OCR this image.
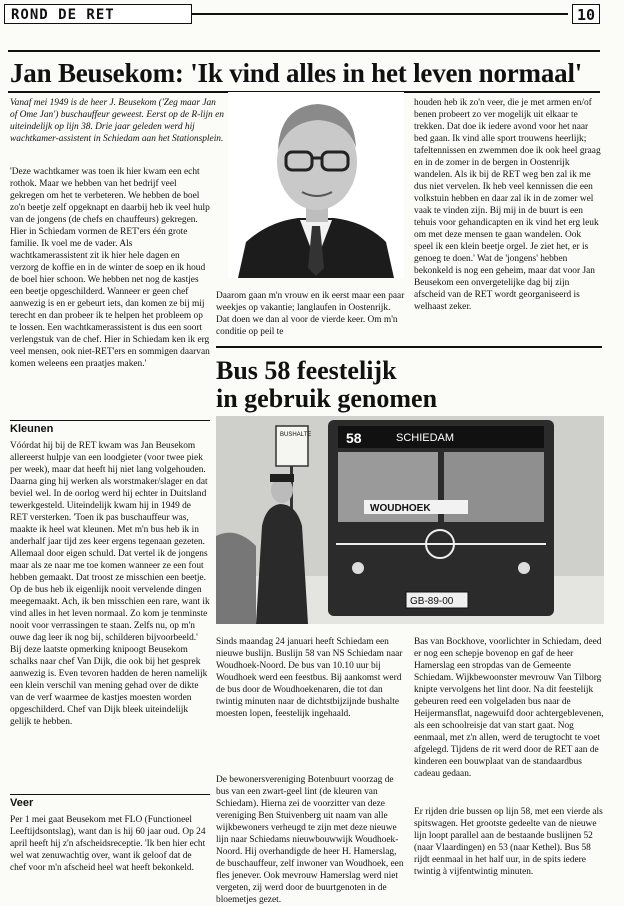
ROND DE RET	10
Jan Beusekom: 'Ik vind alles in het leven normaal'
Vanaf mei 1949 is de heer J. Beusekom ('Zeg maar Jan of Ome Jan') buschauffeur geweest. Eerst op de R-lijn en uiteindelijk op lijn 38. Drie jaar geleden werd hij wachtkamer-assistent in Schiedam aan het Stationsplein.
'Deze wachtkamer was toen ik hier kwam een echt rothok. Maar we hebben van het bedrijf veel gekregen om het te verbeteren. We hebben de boel zo'n beetje zelf opgeknapt en daarbij heb ik veel hulp van de jongens (de chefs en chauffeurs) gekregen. Hier in Schiedam vormen de RET'ers één grote familie. Ik voel me de vader. Als wachtkamerassistent zit ik hier hele dagen en verzorg de koffie en in de winter de soep en ik houd de boel hier schoon. We hebben net nog de kastjes een beetje opgeschilderd. Wanneer er geen chef aanwezig is en er gebeurt iets, dan komen ze bij mij terecht en dan probeer ik te helpen het probleem op te lossen. Een wachtkamerassistent is dus een soort verlengstuk van de chef. Hier in Schiedam ken ik erg veel mensen, ook niet-RET'ers en sommigen daarvan komen weleens een praatjes maken.'
Kleunen
Vóórdat hij bij de RET kwam was Jan Beusekom allereerst hulpje van een loodgieter (voor twee piek per week), maar dat heeft hij niet lang volgehouden. Daarna ging hij werken als worstmaker/slager en dat beviel wel. In de oorlog werd hij echter in Duitsland tewerkgesteld. Uiteindelijk kwam hij in 1949 de RET versterken. 'Toen ik pas buschauffeur was, maakte ik heel wat kleunen. Met m'n bus heb ik in anderhalf jaar tijd zes keer ergens tegenaan gezeten. Allemaal door eigen schuld. Dat vertel ik de jongens maar als ze naar me toe komen wanneer ze een fout hebben gemaakt. Dat troost ze misschien een beetje. Op de bus heb ik eigenlijk nooit vervelende dingen meegemaakt. Ach, ik ben misschien een rare, want ik vind alles in het leven normaal. Zo kom je tenminste nooit voor verrassingen te staan. Zelfs nu, op m'n ouwe dag leer ik nog bij, schilderen bijvoorbeeld.' Bij deze laatste opmerking knipoogt Beusekom schalks naar chef Van Dijk, die ook bij het gesprek aanwezig is. Even tevoren hadden de heren namelijk een klein verschil van mening gehad over de dikte van de verf waarmee de kastjes moesten worden opgeschilderd. Chef van Dijk bleek uiteindelijk gelijk te hebben.
Veer
Per 1 mei gaat Beusekom met FLO (Functioneel Leeftijdsontslag), want dan is hij 60 jaar oud. Op 24 april heeft hij z'n afscheidsreceptie. 'Ik ben hier echt wel wat zenuwachtig over, want ik geloof dat de chef voor m'n afscheid heel wat heeft bekonkeld.
Daarom gaan m'n vrouw en ik eerst maar een paar weekjes op vakantie; langlaufen in Oostenrijk. Dat doen we dan al voor de vierde keer. Om m'n conditie op peil te
houden heb ik zo'n veer, die je met armen en/of benen probeert zo ver mogelijk uit elkaar te trekken. Dat doe ik iedere avond voor het naar bed gaan. Ik vind alle sport trouwens heerlijk; tafeltennissen en zwemmen doe ik ook heel graag en in de zomer in de bergen in Oostenrijk wandelen. Als ik bij de RET weg ben zal ik me dus niet vervelen. Ik heb veel kennissen die een volkstuin hebben en daar zal ik in de zomer wel vaak te vinden zijn. Bij mij in de buurt is een tehuis voor gehandicapten en ik vind het erg leuk om met deze mensen te gaan wandelen. Ook speel ik een klein beetje orgel. Je ziet het, er is genoeg te doen.' Wat de 'jongens' hebben bekonkeld is nog een geheim, maar dat voor Jan Beusekom een onvergetelijke dag bij zijn afscheid van de RET wordt georganiseerd is welhaast zeker.
Bus 58 feestelijk
in gebruik genomen
BUSHALTE 58	SCHIEDAM
WOUDHOEK
GB-89-00
Sinds maandag 24 januari heeft Schiedam een nieuwe buslijn. Buslijn 58 van NS Schiedam naar Woudhoek-Noord. De bus van 10.10 uur bij Woudhoek werd een feestbus. Bij aankomst werd de bus door de Woudhoekenaren, die tot dan twintig minuten naar de dichtstbijzijnde bushalte moesten lopen, feestelijk ingehaald.
De bewonersvereniging Botenbuurt voorzag de bus van een zwart-geel lint (de kleuren van Schiedam). Hierna zei de voorzitter van deze vereniging Ben Stuivenberg uit naam van alle wijkbewoners verheugd te zijn met deze nieuwe lijn naar Schiedams nieuwbouwwijk Woudhoek-Noord. Hij overhandigde de heer H. Hamerslag, de buschauffeur, zelf inwoner van Woudhoek, een fles jenever. Ook mevrouw Hamerslag werd niet vergeten, zij werd door de buurtgenoten in de bloemetjes gezet.
Bas van Bockhove, voorlichter in Schiedam, deed er nog een schepje bovenop en gaf de heer Hamerslag een stropdas van de Gemeente Schiedam. Wijkbewoonster mevrouw Van Tilborg knipte vervolgens het lint door. Na dit feestelijk gebeuren reed een volgeladen bus naar de Heijermansflat, nagewuifd door achtergeblevenen, als een schoolreisje dat van start gaat. Nog eenmaal, met z'n allen, werd de terugtocht te voet afgelegd. Tijdens de rit werd door de RET aan de kinderen een bouwplaat van de standaardbus cadeau gedaan.
Er rijden drie bussen op lijn 58, met een vierde als spitswagen. Het grootste gedeelte van de nieuwe lijn loopt parallel aan de bestaande buslijnen 52 (naar Vlaardingen) en 53 (naar Kethel). Bus 58 rijdt eenmaal in het half uur, in de spits iedere twintig à vijfentwintig minuten.
